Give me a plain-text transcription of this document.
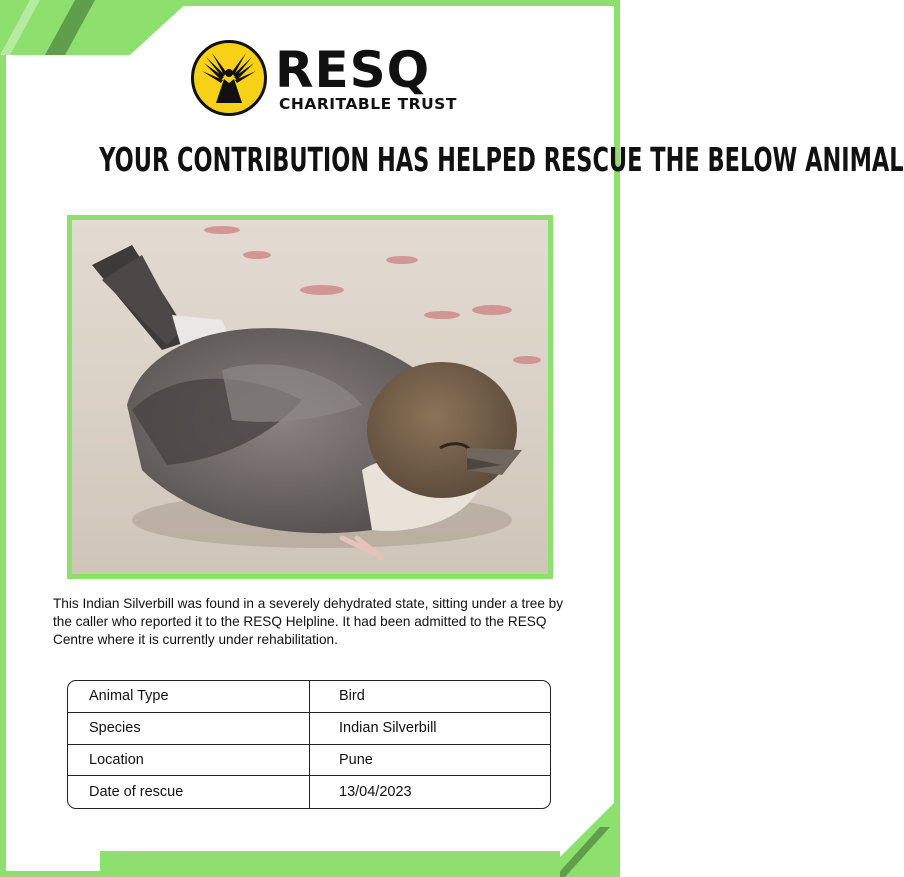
RESQ
CHARITABLE TRUST
YOUR CONTRIBUTION HAS HELPED RESCUE THE BELOW ANIMAL
This Indian Silverbill was found in a severely dehydrated state, sitting under a tree by the caller who reported it to the RESQ Helpline. It had been admitted to the RESQ Centre where it is currently under rehabilitation.
Animal Type	Bird
Species	Indian Silverbill
Location	Pune
Date of rescue	13/04/2023
